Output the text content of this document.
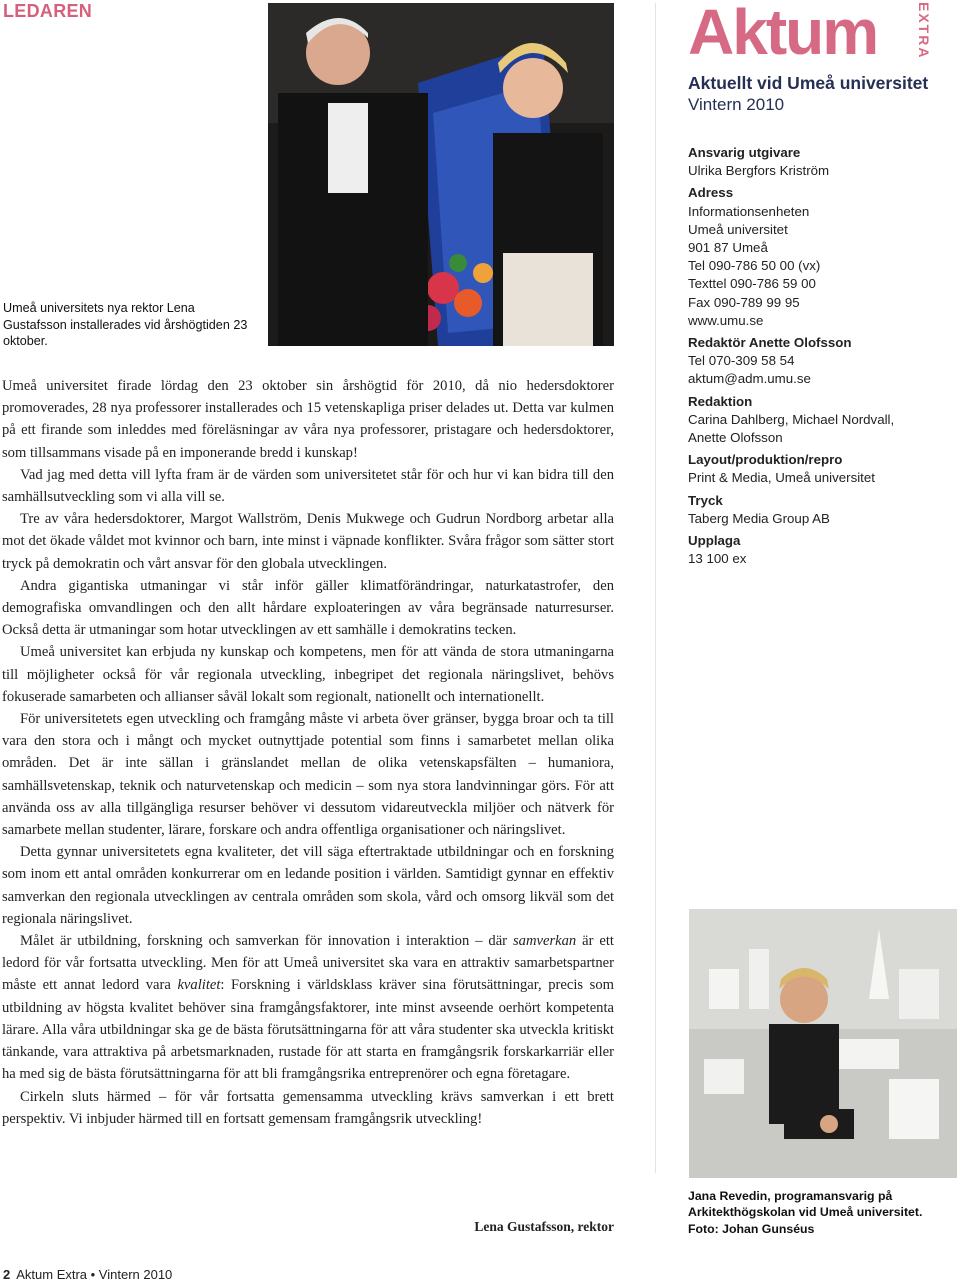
LEDAREN
Umeå universitets nya rektor Lena Gustafsson installerades vid årshögtiden 23 oktober.
Aktum	EXTRA
Aktuellt vid Umeå universitet
Vintern 2010
Ansvarig utgivare
Ulrika Bergfors Kriström
Adress
Informationsenheten
Umeå universitet
901 87 Umeå
Tel 090-786 50 00 (vx)
Texttel 090-786 59 00
Fax 090-789 99 95
www.umu.se
Redaktör Anette Olofsson
Tel 070-309 58 54
aktum@adm.umu.se
Redaktion
Carina Dahlberg, Michael Nordvall,
Anette Olofsson
Layout/produktion/repro
Print & Media, Umeå universitet
Tryck
Taberg Media Group AB
Upplaga
13 100 ex

Umeå universitet firade lördag den 23 oktober sin årshögtid för 2010, då nio hedersdoktorer promoverades, 28 nya professorer installerades och 15 vetenskapliga priser delades ut. Detta var kulmen på ett firande som inleddes med föreläsningar av våra nya professorer, pristagare och hedersdoktorer, som tillsammans visade på en imponerande bredd i kunskap!

Vad jag med detta vill lyfta fram är de värden som universitetet står för och hur vi kan bidra till den samhällsutveckling som vi alla vill se.

Tre av våra hedersdoktorer, Margot Wallström, Denis Mukwege och Gudrun Nordborg arbetar alla mot det ökade våldet mot kvinnor och barn, inte minst i väpnade konflikter. Svåra frågor som sätter stort tryck på demokratin och vårt ansvar för den globala utvecklingen.

Andra gigantiska utmaningar vi står inför gäller klimatförändringar, naturkatastrofer, den demografiska omvandlingen och den allt hårdare exploateringen av våra begränsade naturresurser. Också detta är utmaningar som hotar utvecklingen av ett samhälle i demokratins tecken.

Umeå universitet kan erbjuda ny kunskap och kompetens, men för att vända de stora utmaningarna till möjligheter också för vår regionala utveckling, inbegripet det regionala näringslivet, behövs fokuserade samarbeten och allianser såväl lokalt som regionalt, nationellt och internationellt.

För universitetets egen utveckling och framgång måste vi arbeta över gränser, bygga broar och ta till vara den stora och i mångt och mycket outnyttjade potential som finns i samarbetet mellan olika områden. Det är inte sällan i gränslandet mellan de olika vetenskapsfälten – humaniora, samhällsvetenskap, teknik och naturvetenskap och medicin – som nya stora landvinningar görs. För att använda oss av alla tillgängliga resurser behöver vi dessutom vidareutveckla miljöer och nätverk för samarbete mellan studenter, lärare, forskare och andra offentliga organisationer och näringslivet.

Detta gynnar universitetets egna kvaliteter, det vill säga eftertraktade utbildningar och en forskning som inom ett antal områden konkurrerar om en ledande position i världen. Samtidigt gynnar en effektiv samverkan den regionala utvecklingen av centrala områden som skola, vård och omsorg likväl som det regionala näringslivet.

Målet är utbildning, forskning och samverkan för innovation i interaktion – där samverkan är ett ledord för vår fortsatta utveckling. Men för att Umeå universitet ska vara en attraktiv samarbetspartner måste ett annat ledord vara kvalitet: Forskning i världsklass kräver sina förutsättningar, precis som utbildning av högsta kvalitet behöver sina framgångsfaktorer, inte minst avseende oerhört kompetenta lärare. Alla våra utbildningar ska ge de bästa förutsättningarna för att våra studenter ska utveckla kritiskt tänkande, vara attraktiva på arbetsmarknaden, rustade för att starta en framgångsrik forskarkarriär eller ha med sig de bästa förutsättningarna för att bli framgångsrika entreprenörer och egna företagare.

Cirkeln sluts härmed – för vår fortsatta gemensamma utveckling krävs samverkan i ett brett perspektiv. Vi inbjuder härmed till en fortsatt gemensam framgångsrik utveckling!

Lena Gustafsson, rektor
Jana Revedin, programansvarig på Arkitekthögskolan vid Umeå universitet. Foto: Johan Gunséus
2 Aktum Extra • Vintern 2010
